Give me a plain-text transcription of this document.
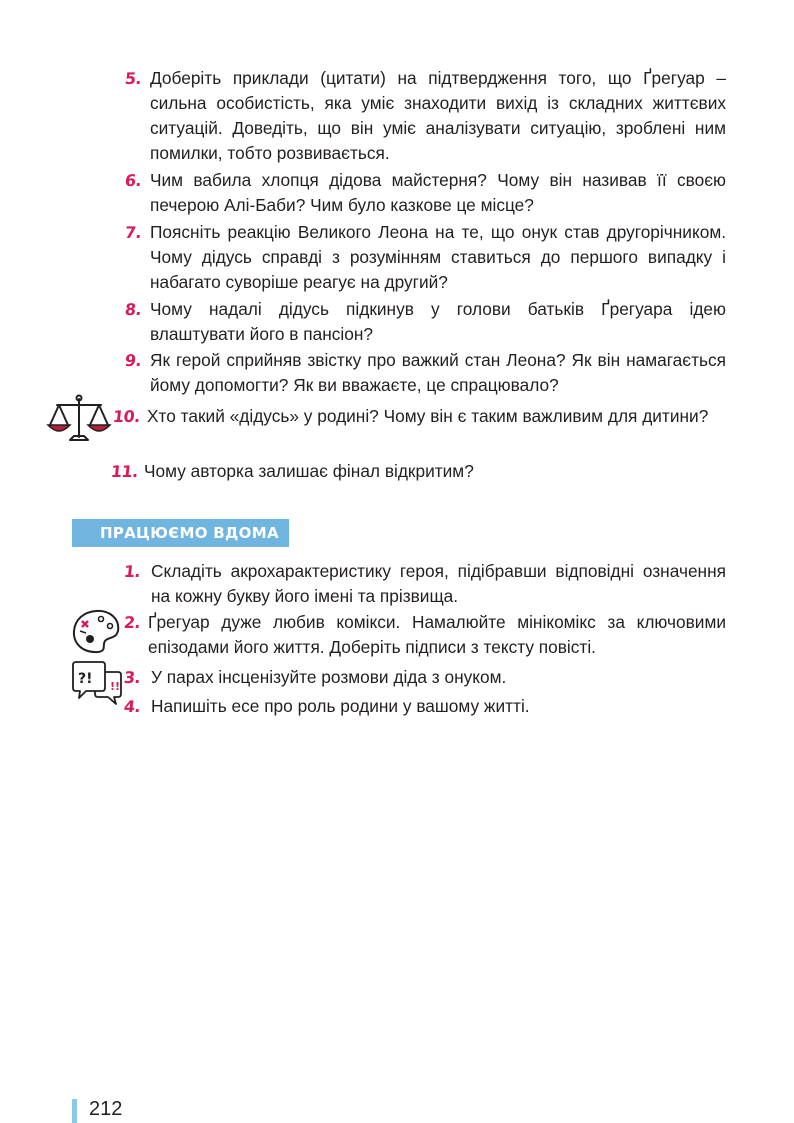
5. Доберіть приклади (цитати) на підтвердження того, що Ґрегуар – сильна особистість, яка уміє знаходити вихід із складних життєвих ситуацій. Доведіть, що він уміє аналізувати ситуацію, зроблені ним помилки, тобто розвивається.
6. Чим вабила хлопця дідова майстерня? Чому він називав її своєю печерою Алі-Баби? Чим було казкове це місце?
7. Поясніть реакцію Великого Леона на те, що онук став другорічником. Чому дідусь справді з розумінням ставиться до першого випадку і набагато суворіше реагує на другий?
8. Чому надалі дідусь підкинув у голови батьків Ґрегуара ідею влаштувати його в пансіон?
9. Як герой сприйняв звістку про важкий стан Леона? Як він намагається йому допомогти? Як ви вважаєте, це спрацювало?
10. Хто такий «дідусь» у родині? Чому він є таким важливим для дитини?
11. Чому авторка залишає фінал відкритим?
ПРАЦЮЄМО ВДОМА
1. Складіть акрохарактеристику героя, підібравши відповідні означення на кожну букву його імені та прізвища.
2. Ґрегуар дуже любив комікси. Намалюйте мінікомікс за ключовими епізодами його життя. Доберіть підписи з тексту повісті.
3. У парах інсценізуйте розмови діда з онуком.
4. Напишіть есе про роль родини у вашому житті.
?! !!
212
